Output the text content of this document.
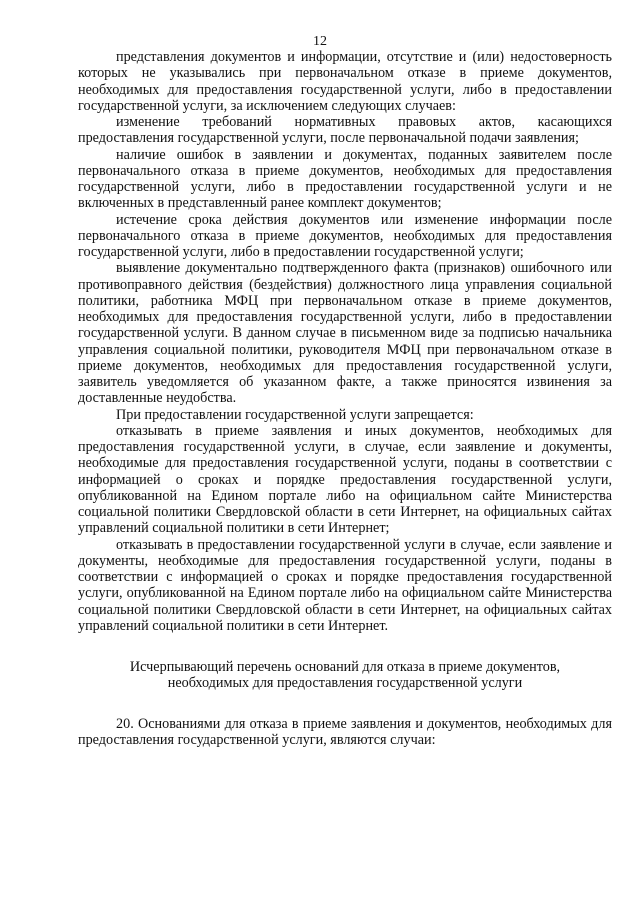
12

представления документов и информации, отсутствие и (или) недостоверность которых не указывались при первоначальном отказе в приеме документов, необходимых для предоставления государственной услуги, либо в предоставлении государственной услуги, за исключением следующих случаев:

изменение требований нормативных правовых актов, касающихся предоставления государственной услуги, после первоначальной подачи заявления;

наличие ошибок в заявлении и документах, поданных заявителем после первоначального отказа в приеме документов, необходимых для предоставления государственной услуги, либо в предоставлении государственной услуги и не включенных в представленный ранее комплект документов;

истечение срока действия документов или изменение информации после первоначального отказа в приеме документов, необходимых для предоставления государственной услуги, либо в предоставлении государственной услуги;

выявление документально подтвержденного факта (признаков) ошибочного или противоправного действия (бездействия) должностного лица управления социальной политики, работника МФЦ при первоначальном отказе в приеме документов, необходимых для предоставления государственной услуги, либо в предоставлении государственной услуги. В данном случае в письменном виде за подписью начальника управления социальной политики, руководителя МФЦ при первоначальном отказе в приеме документов, необходимых для предоставления государственной услуги, заявитель уведомляется об указанном факте, а также приносятся извинения за доставленные неудобства.

При предоставлении государственной услуги запрещается:

отказывать в приеме заявления и иных документов, необходимых для предоставления государственной услуги, в случае, если заявление и документы, необходимые для предоставления государственной услуги, поданы в соответствии с информацией о сроках и порядке предоставления государственной услуги, опубликованной на Едином портале либо на официальном сайте Министерства социальной политики Свердловской области в сети Интернет, на официальных сайтах управлений социальной политики в сети Интернет;

отказывать в предоставлении государственной услуги в случае, если заявление и документы, необходимые для предоставления государственной услуги, поданы в соответствии с информацией о сроках и порядке предоставления государственной услуги, опубликованной на Едином портале либо на официальном сайте Министерства социальной политики Свердловской области в сети Интернет, на официальных сайтах управлений социальной политики в сети Интернет.

Исчерпывающий перечень оснований для отказа в приеме документов,
необходимых для предоставления государственной услуги

20. Основаниями для отказа в приеме заявления и документов, необходимых для предоставления государственной услуги, являются случаи:
